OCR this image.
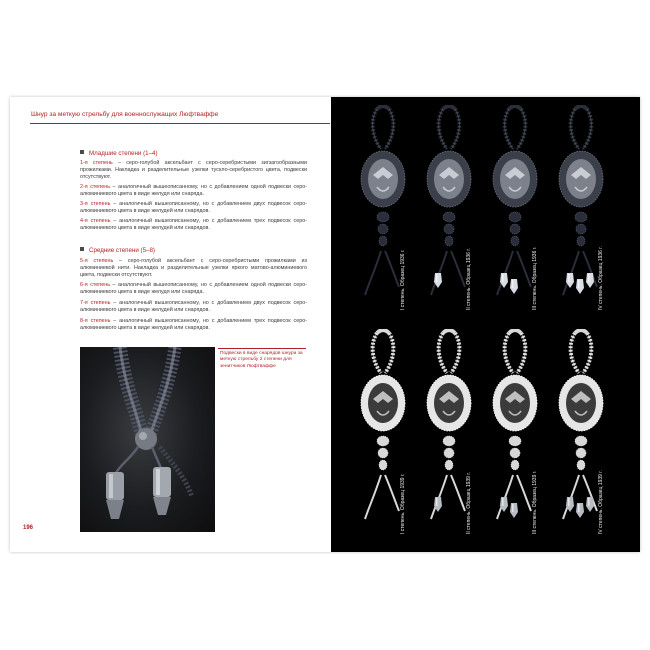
Шнур за меткую стрельбу для военнослужащих Люфтваффе
Младшие степени (1–4)
1-я степень – серо-голубой аксельбант с серо-серебристыми зигзагообразными прожилками. Накладка и разделительные узелки тускло-серебристого цвета, подвески отсутствуют.
2-я степень – аналогичный вышеописанному, но с добавлением одной подвески серо-алюминиевого цвета в виде желудя или снаряда.
3-я степень – аналогичный вышеописанному, но с добавлением двух подвесок серо-алюминиевого цвета в виде желудей или снарядов.
4-я степень – аналогичный вышеописанному, но с добавлением трех подвесок серо-алюминиевого цвета в виде желудей или снарядов.
Средние степени (5–8)
5-я степень – серо-голубой аксельбант с серо-серебристыми прожилками из алюминиевой нити. Накладка и разделительные узелки яркого матово-алюминиевого цвета, подвески отсутствуют.
6-я степень – аналогичный вышеописанному, но с добавлением одной подвески серо-алюминиевого цвета в виде желудя или снаряда.
7-я степень – аналогичный вышеописанному, но с добавлением двух подвесок серо-алюминиевого цвета в виде желудей или снарядов.
8-я степень – аналогичный вышеописанному, но с добавлением трех подвесок серо-алюминиевого цвета в виде желудей или снарядов.
Подвески в виде снарядов шнура за меткую стрельбу 2 степени для зенитчиков Люфтваффе
196
I степень. Образец 1936 г.	II степень. Образец 1936 г.	III степень. Образец 1936 г.	IV степень. Образец 1936 г.
I степень. Образец 1939 г.	II степень. Образец 1939 г.	III степень. Образец 1939 г.	IV степень. Образец 1939 г.
